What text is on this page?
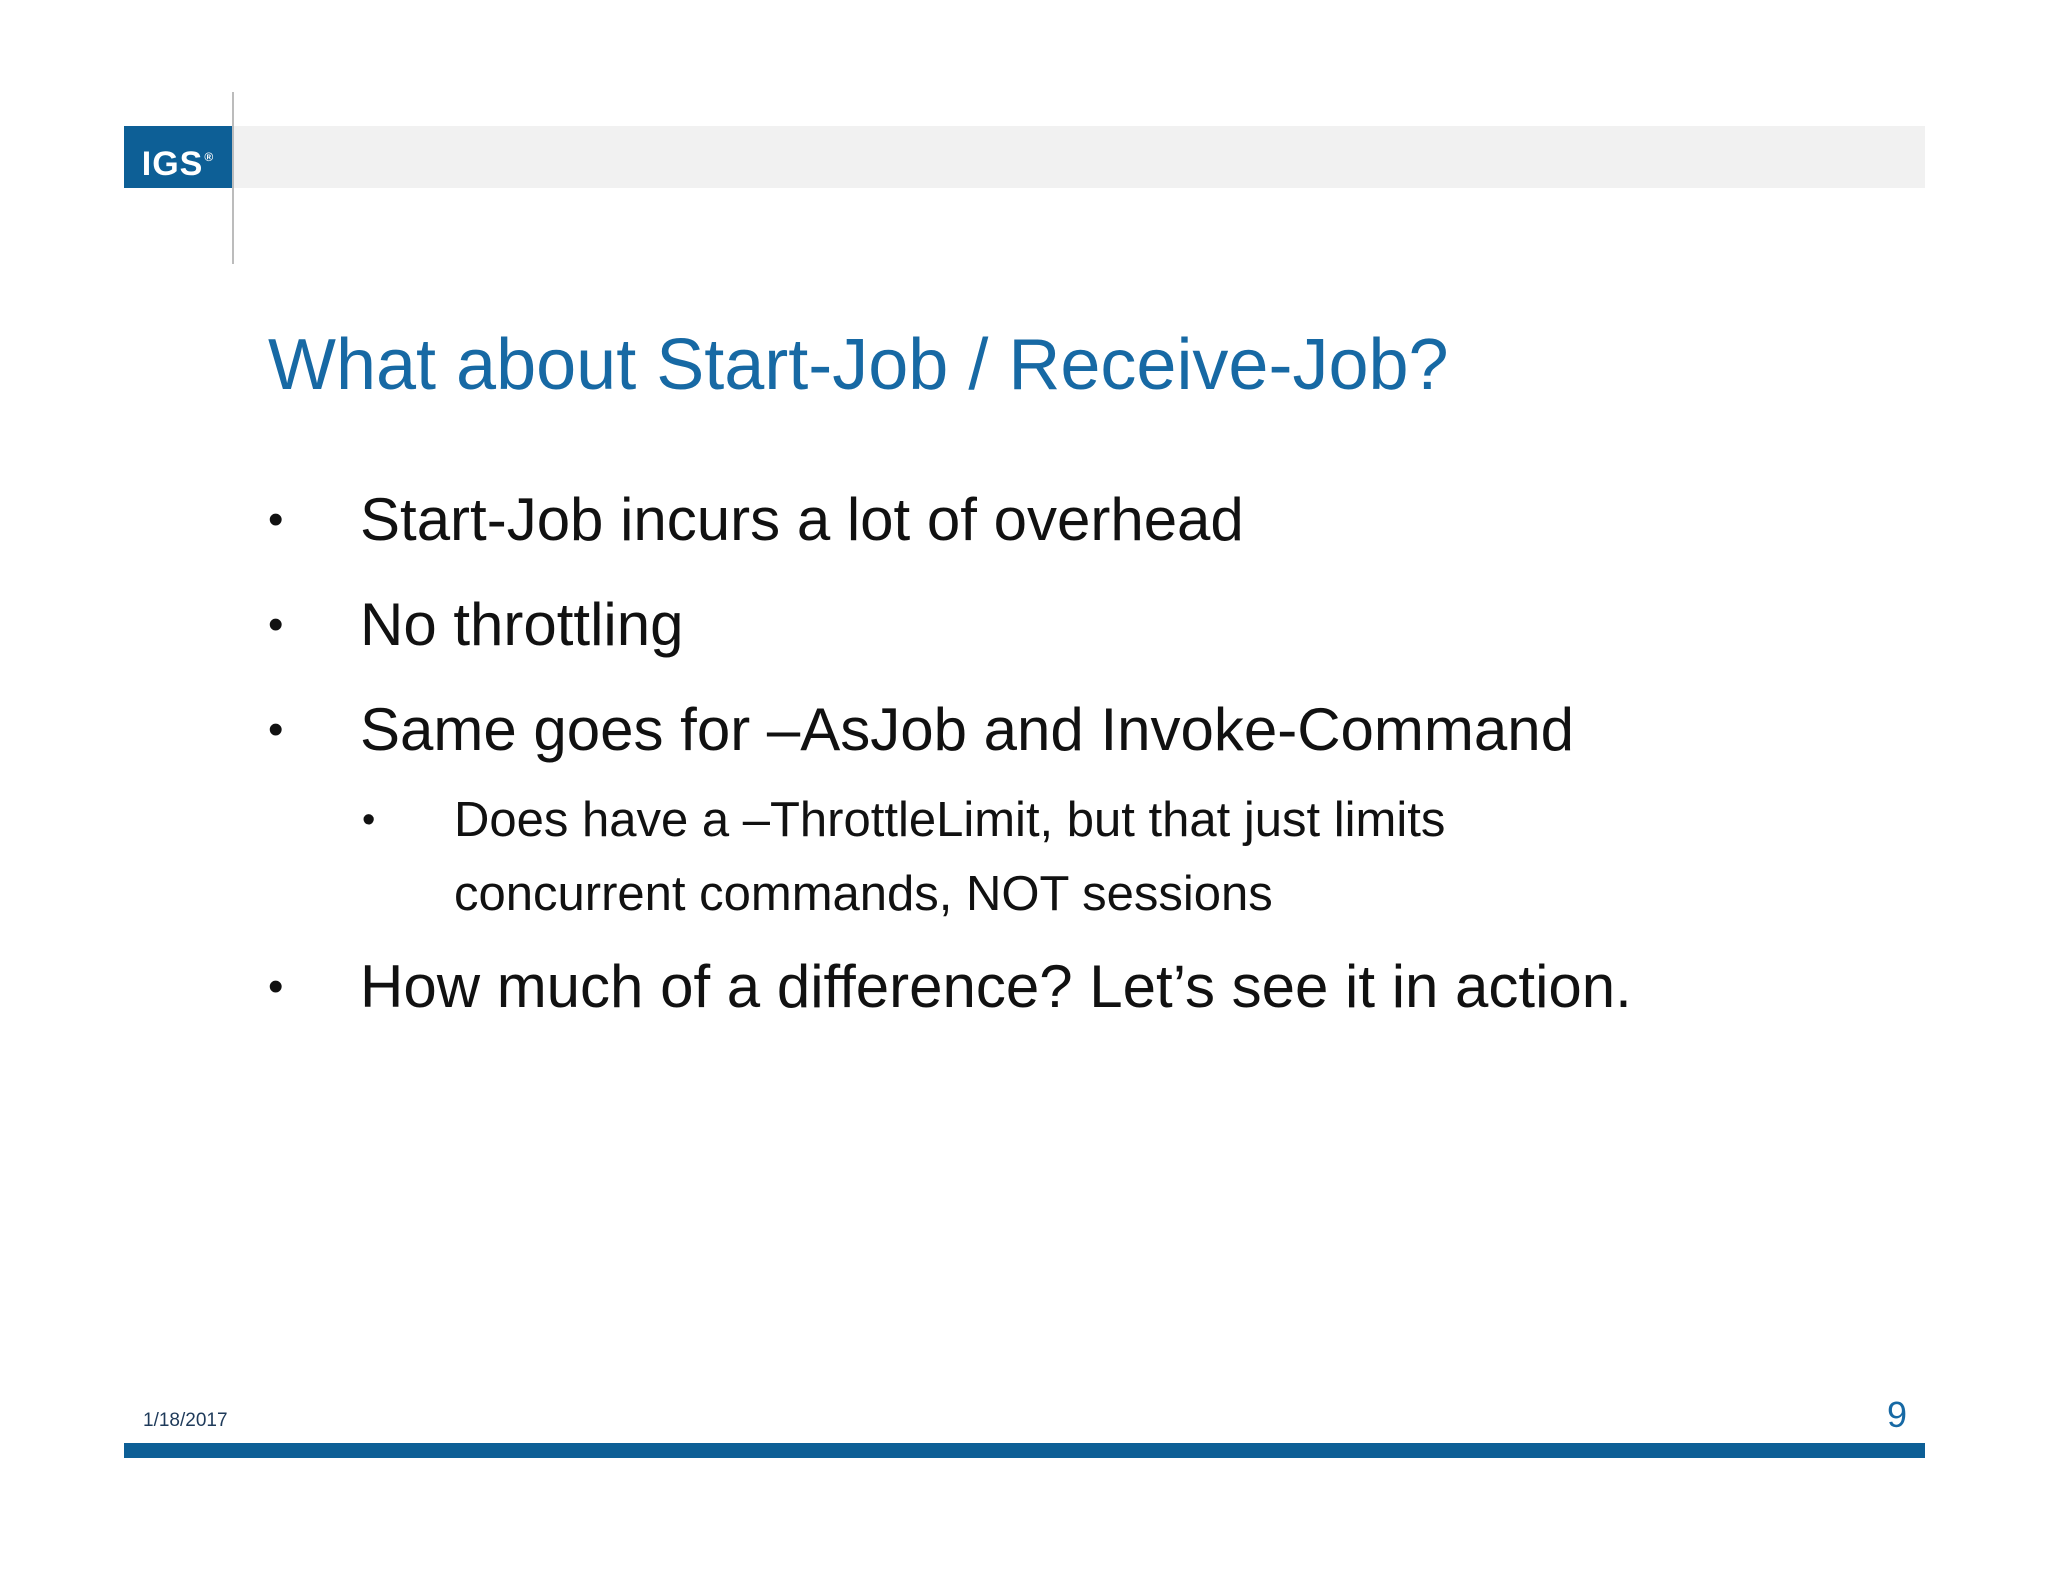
IGS®
What about Start-Job / Receive-Job?
•	Start-Job incurs a lot of overhead
•	No throttling
•	Same goes for –AsJob and Invoke-Command
• Does have a –ThrottleLimit, but that just limits
concurrent commands, NOT sessions
•	How much of a difference? Let’s see it in action.
1/18/2017	9
